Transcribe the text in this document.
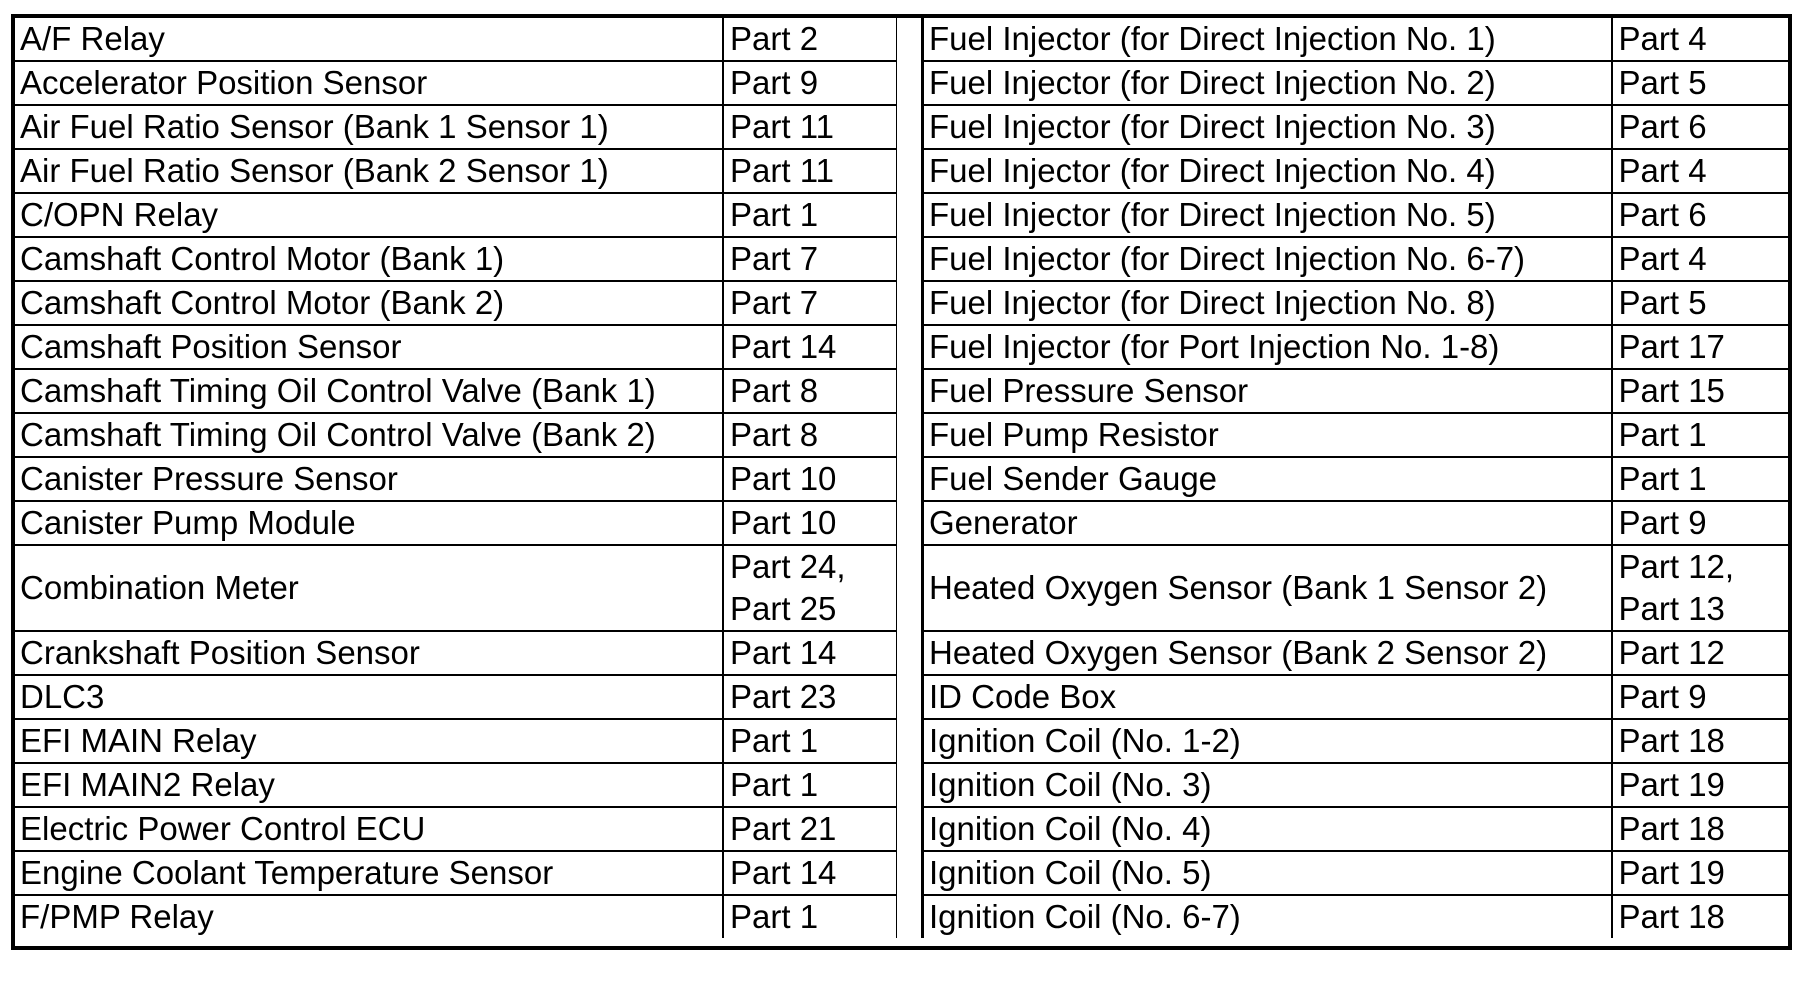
A/F Relay	Part 2

Accelerator Position Sensor	Part 9

Air Fuel Ratio Sensor (Bank 1 Sensor 1)	Part 11

Air Fuel Ratio Sensor (Bank 2 Sensor 1)	Part 11

C/OPN Relay	Part 1

Camshaft Control Motor (Bank 1)	Part 7

Camshaft Control Motor (Bank 2)	Part 7

Camshaft Position Sensor	Part 14

Camshaft Timing Oil Control Valve (Bank 1)	Part 8

Camshaft Timing Oil Control Valve (Bank 2)	Part 8

Canister Pressure Sensor	Part 10

Canister Pump Module	Part 10

Combination Meter	Part 24,
Part 25

Crankshaft Position Sensor	Part 14

DLC3	Part 23

EFI MAIN Relay	Part 1

EFI MAIN2 Relay	Part 1

Electric Power Control ECU	Part 21

Engine Coolant Temperature Sensor	Part 14

F/PMP Relay	Part 1
Fuel Injector (for Direct Injection No. 1)	Part 4

Fuel Injector (for Direct Injection No. 2)	Part 5

Fuel Injector (for Direct Injection No. 3)	Part 6

Fuel Injector (for Direct Injection No. 4)	Part 4

Fuel Injector (for Direct Injection No. 5)	Part 6

Fuel Injector (for Direct Injection No. 6-7)	Part 4

Fuel Injector (for Direct Injection No. 8)	Part 5

Fuel Injector (for Port Injection No. 1-8)	Part 17

Fuel Pressure Sensor	Part 15

Fuel Pump Resistor	Part 1

Fuel Sender Gauge	Part 1

Generator	Part 9

Heated Oxygen Sensor (Bank 1 Sensor 2)	Part 12,
Part 13

Heated Oxygen Sensor (Bank 2 Sensor 2)	Part 12

ID Code Box	Part 9

Ignition Coil (No. 1-2)	Part 18

Ignition Coil (No. 3)	Part 19

Ignition Coil (No. 4)	Part 18

Ignition Coil (No. 5)	Part 19

Ignition Coil (No. 6-7)	Part 18
